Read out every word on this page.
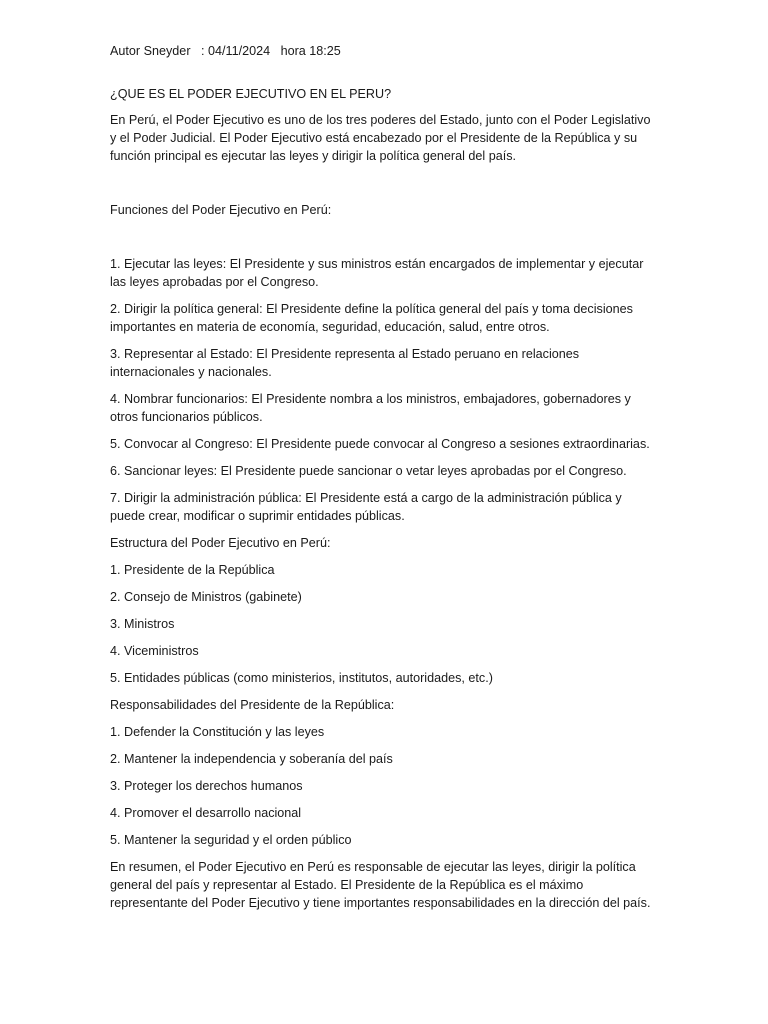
Autor Sneyder   : 04/11/2024   hora 18:25

¿QUE ES EL PODER EJECUTIVO EN EL PERU?

En Perú, el Poder Ejecutivo es uno de los tres poderes del Estado, junto con el Poder Legislativo y el Poder Judicial. El Poder Ejecutivo está encabezado por el Presidente de la República y su función principal es ejecutar las leyes y dirigir la política general del país.

Funciones del Poder Ejecutivo en Perú:

1. Ejecutar las leyes: El Presidente y sus ministros están encargados de implementar y ejecutar las leyes aprobadas por el Congreso.

2. Dirigir la política general: El Presidente define la política general del país y toma decisiones importantes en materia de economía, seguridad, educación, salud, entre otros.

3. Representar al Estado: El Presidente representa al Estado peruano en relaciones internacionales y nacionales.

4. Nombrar funcionarios: El Presidente nombra a los ministros, embajadores, gobernadores y otros funcionarios públicos.

5. Convocar al Congreso: El Presidente puede convocar al Congreso a sesiones extraordinarias.

6. Sancionar leyes: El Presidente puede sancionar o vetar leyes aprobadas por el Congreso.

7. Dirigir la administración pública: El Presidente está a cargo de la administración pública y puede crear, modificar o suprimir entidades públicas.

Estructura del Poder Ejecutivo en Perú:

1. Presidente de la República

2. Consejo de Ministros (gabinete)

3. Ministros

4. Viceministros

5. Entidades públicas (como ministerios, institutos, autoridades, etc.)

Responsabilidades del Presidente de la República:

1. Defender la Constitución y las leyes

2. Mantener la independencia y soberanía del país

3. Proteger los derechos humanos

4. Promover el desarrollo nacional

5. Mantener la seguridad y el orden público

En resumen, el Poder Ejecutivo en Perú es responsable de ejecutar las leyes, dirigir la política general del país y representar al Estado. El Presidente de la República es el máximo representante del Poder Ejecutivo y tiene importantes responsabilidades en la dirección del país.
